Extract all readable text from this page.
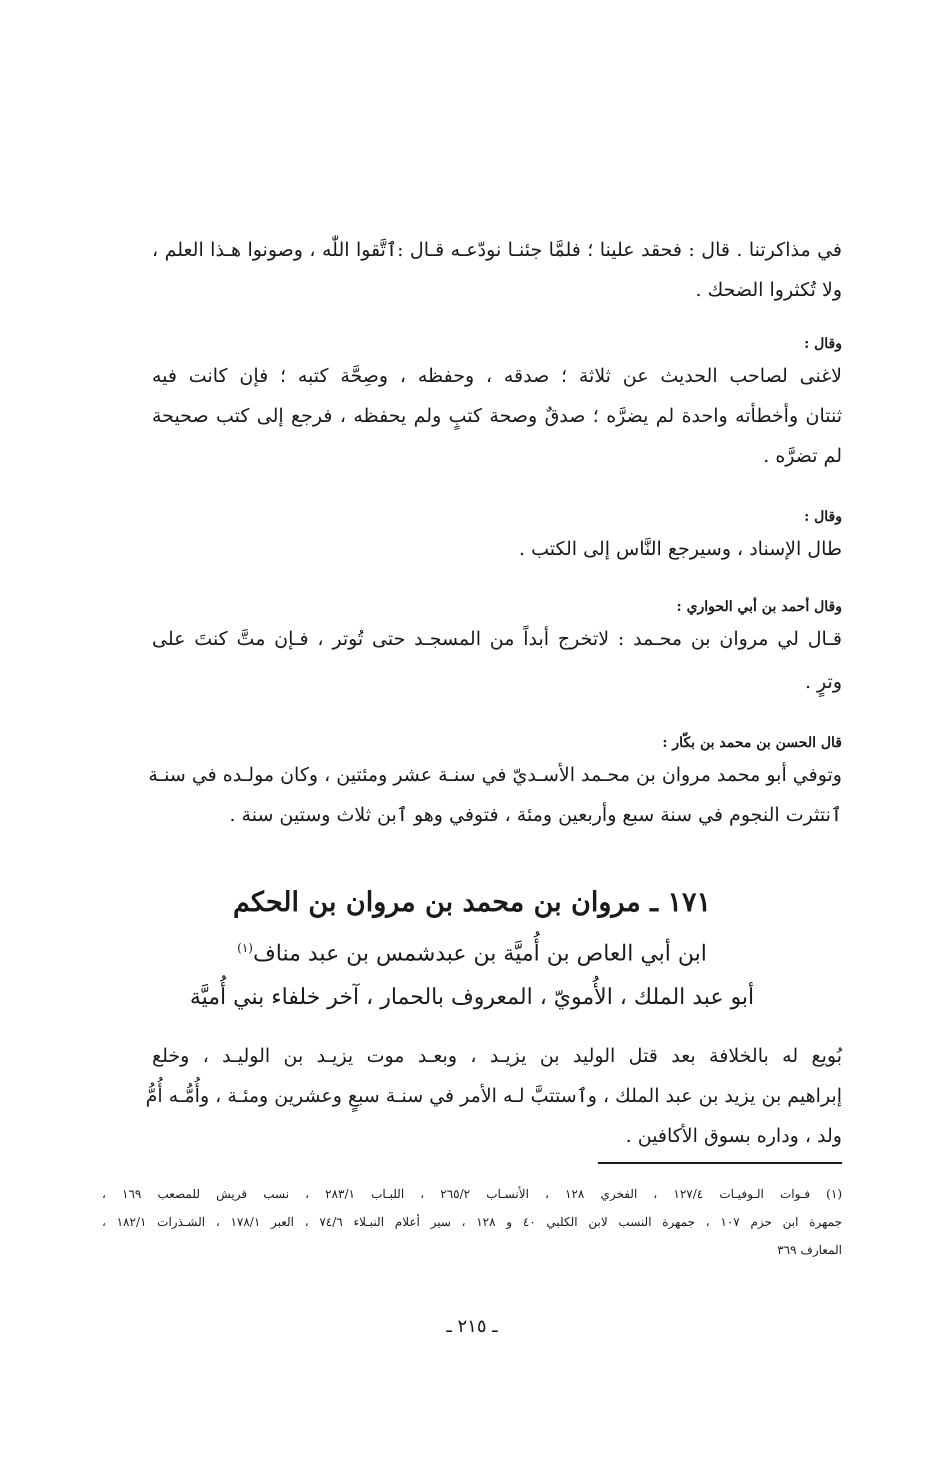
في مذاكرتنا . قال : فحقد علينا ؛ فلمَّا جئنـا نودّعـه قـال :ٱتَّقوا اللّٰه ، وصونوا هـذا العلم ،
ولا تُكثروا الضحك .
وقال :
لاغنى لصاحب الحديث عن ثلاثة ؛ صدقه ، وحفظه ، وصِحَّة كتبه ؛ فإن كانت فيه
ثنتان وأخطأته واحدة لم يضرَّه ؛ صدقٌ وصحة كتبٍ ولم يحفظه ، فرجع إلى كتب صحيحة
لم تضرَّه .
وقال :
طال الإسناد ، وسيرجع النَّاس إلى الكتب .
وقال أحمد بن أبي الحواري :
قـال لي مروان بن محـمد : لاتخرج أبداً من المسجـد حتى تُوتر ، فـإن متَّ كنتَ على
وترٍ .
قال الحسن بن محمد بن بكّار :
وتوفي أبو محمد مروان بن محـمد الأسـديّ في سنـة عشر ومئتين ، وكان مولـده في سنـة
ٱنتثرت النجوم في سنة سبع وأربعين ومئة ، فتوفي وهو ٱبن ثلاث وستين سنة .
١٧١ ـ مروان بن محمد بن مروان بن الحكم
ابن أبي العاص بن أُميَّة بن عبدشمس بن عبد مناف$^{(١)}$
أبو عبد الملك ، الأُمويّ ، المعروف بالحمار ، آخر خلفاء بني أُميَّة
بُويع له بالخلافة بعد قتل الوليد بن يزيـد ، وبعـد موت يزيـد بن الوليـد ، وخلع
إبراهيم بن يزيد بن عبد الملك ، وٱستتبَّ لـه الأمر في سنـة سبعٍ وعشرين ومئـة ، وأُمُّـه أُمُّ
ولد ، وداره بسوق الأكافين .
(١) فـوات الـوفيـات ١٢٧/٤ ، الفخري ١٢٨ ، الأنسـاب ٢٦٥/٢ ، اللبـاب ٢٨٣/١ ، نسب قريش للمصعب ١٦٩ ،
جمهرة ابن حزم ١٠٧ ، جمهرة النسب لابن الكلبي ٤٠ و ١٢٨ ، سير أعلام النبـلاء ٧٤/٦ ، العبر ١٧٨/١ ، الشـذرات ١٨٢/١ ،
المعارف ٣٦٩
ـ ٢١٥ ـ
